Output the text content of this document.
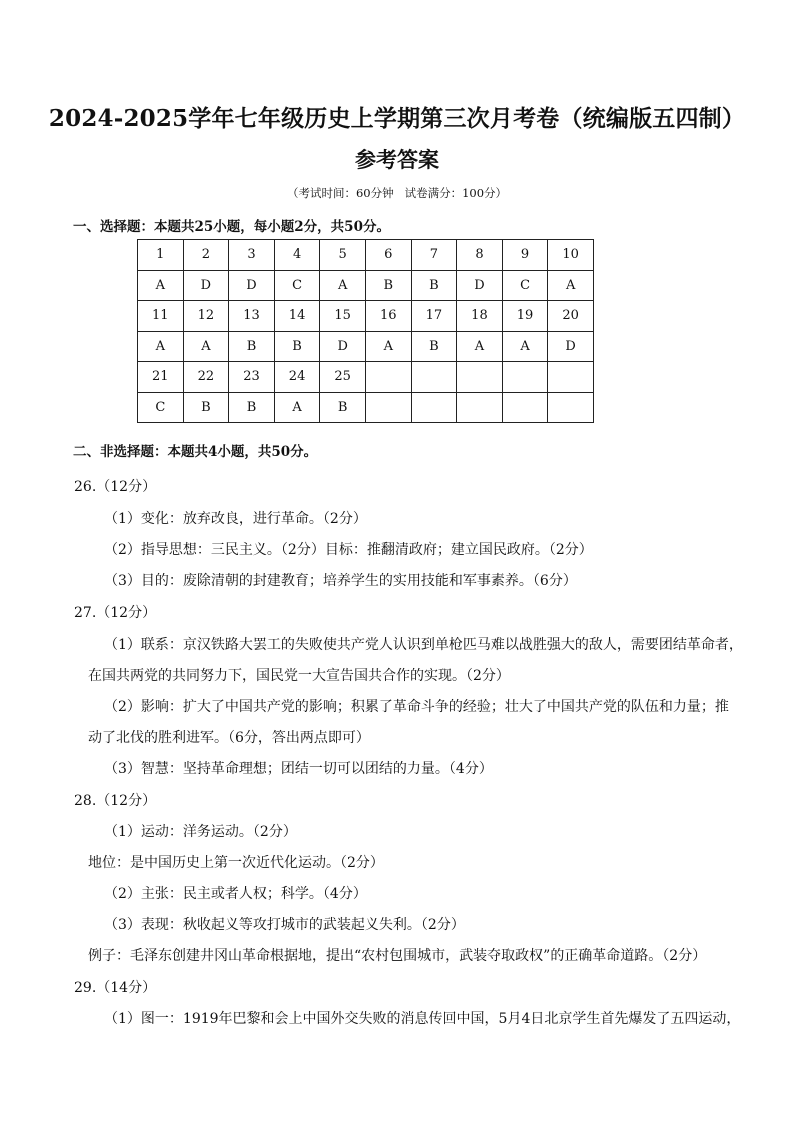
2024-2025学年七年级历史上学期第三次月考卷（统编版五四制）
参考答案
（考试时间：60分钟   试卷满分：100分）
一、选择题：本题共25小题，每小题2分，共50分。
1	2	3	4	5	6	7	8	9	10
A	D	D	C	A	B	B	D	C	A
11	12	13	14	15	16	17	18	19	20
A	A	B	B	D	A	B	A	A	D
21	22	23	24	25					
C	B	B	A	B					
二、非选择题：本题共4小题，共50分。
26.（12分）
（1）变化：放弃改良，进行革命。（2分）
（2）指导思想：三民主义。（2分）目标：推翻清政府；建立国民政府。（2分）
（3）目的：废除清朝的封建教育；培养学生的实用技能和军事素养。（6分）
27.（12分）
（1）联系：京汉铁路大罢工的失败使共产党人认识到单枪匹马难以战胜强大的敌人，需要团结革命者，
在国共两党的共同努力下，国民党一大宣告国共合作的实现。（2分）
（2）影响：扩大了中国共产党的影响；积累了革命斗争的经验；壮大了中国共产党的队伍和力量；推
动了北伐的胜利进军。（6分，答出两点即可）
（3）智慧：坚持革命理想；团结一切可以团结的力量。（4分）
28.（12分）
（1）运动：洋务运动。（2分）
地位：是中国历史上第一次近代化运动。（2分）
（2）主张：民主或者人权；科学。（4分）
（3）表现：秋收起义等攻打城市的武装起义失利。（2分）
例子：毛泽东创建井冈山革命根据地，提出“农村包围城市，武装夺取政权”的正确革命道路。（2分）
29.（14分）
（1）图一：1919年巴黎和会上中国外交失败的消息传回中国，5月4日北京学生首先爆发了五四运动，
